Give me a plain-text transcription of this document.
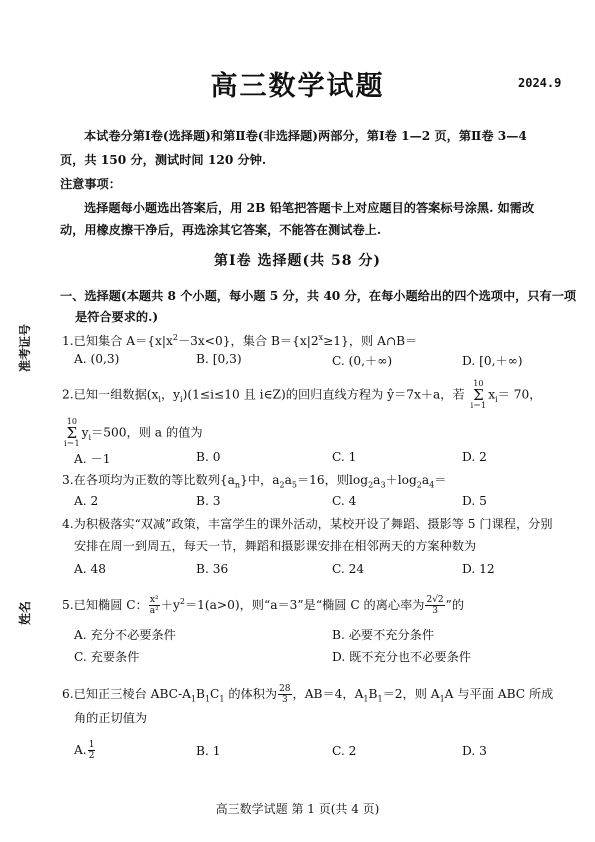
高三数学试题	2024.9
准考证号
姓名
本试卷分第Ⅰ卷(选择题)和第Ⅱ卷(非选择题)两部分，第Ⅰ卷 1—2 页，第Ⅱ卷 3—4
页，共 150 分，测试时间 120 分钟.
注意事项：
选择题每小题选出答案后，用 2B 铅笔把答题卡上对应题目的答案标号涂黑. 如需改
动，用橡皮擦干净后，再选涂其它答案，不能答在测试卷上.
第Ⅰ卷 选择题(共 58 分)
一、选择题(本题共 8 个小题，每小题 5 分，共 40 分，在每小题给出的四个选项中，只有一项
是符合要求的.)
1.已知集合 $A=\{x|x^2-3x<0\}$，集合 $B=\{x|2^x\ge 1\}$，则 A∩B＝
A. (0,3)	B. [0,3)	C. (0,＋∞)	D. [0,＋∞)
2.已知一组数据($x_i$，$y_i)(1\le i\le 10$ 且 i∈Z)的回归直线方程为 ŷ＝7x＋a，若 10
Σ
$i=1x_i= 70$，
10
Σ
$i=1y_i=500$，则 a 的值为
A. －1	B. 0	C. 1	D. 2
3.在各项均为正数的等比数列$\{a_n\}$中，$a_2a_5=16$，则$\log_2a_3+\log_2a_4=$
A. 2	B. 3	C. 4	D. 5
4.为积极落实“双减”政策，丰富学生的课外活动，某校开设了舞蹈、摄影等 5 门课程，分别
安排在周一到周五，每天一节，舞蹈和摄影课安排在相邻两天的方案种数为
A. 48	B. 36	C. 24	D. 12
5.已知椭圆 C： $\frac{\text{x²}}{\text{a²}} +y^2=1(a>0)$，则“a＝3”是“椭圆 C 的离心率为 $\frac{2√2}{3}$ ”的
A. 充分不必要条件	B. 必要不充分条件
C. 充要条件	D. 既不充分也不必要条件
6.已知正三棱台 ABC-$A_1B_1C_1$ 的体积为 $\frac{28}{3}$ ，AB＝4，$A_1B_1=2$，则 $A_1A$ 与平面 ABC 所成
角的正切值为
A. $\frac{1}{2}$	B. 1	C. 2	D. 3
高三数学试题 第 1 页(共 4 页)
